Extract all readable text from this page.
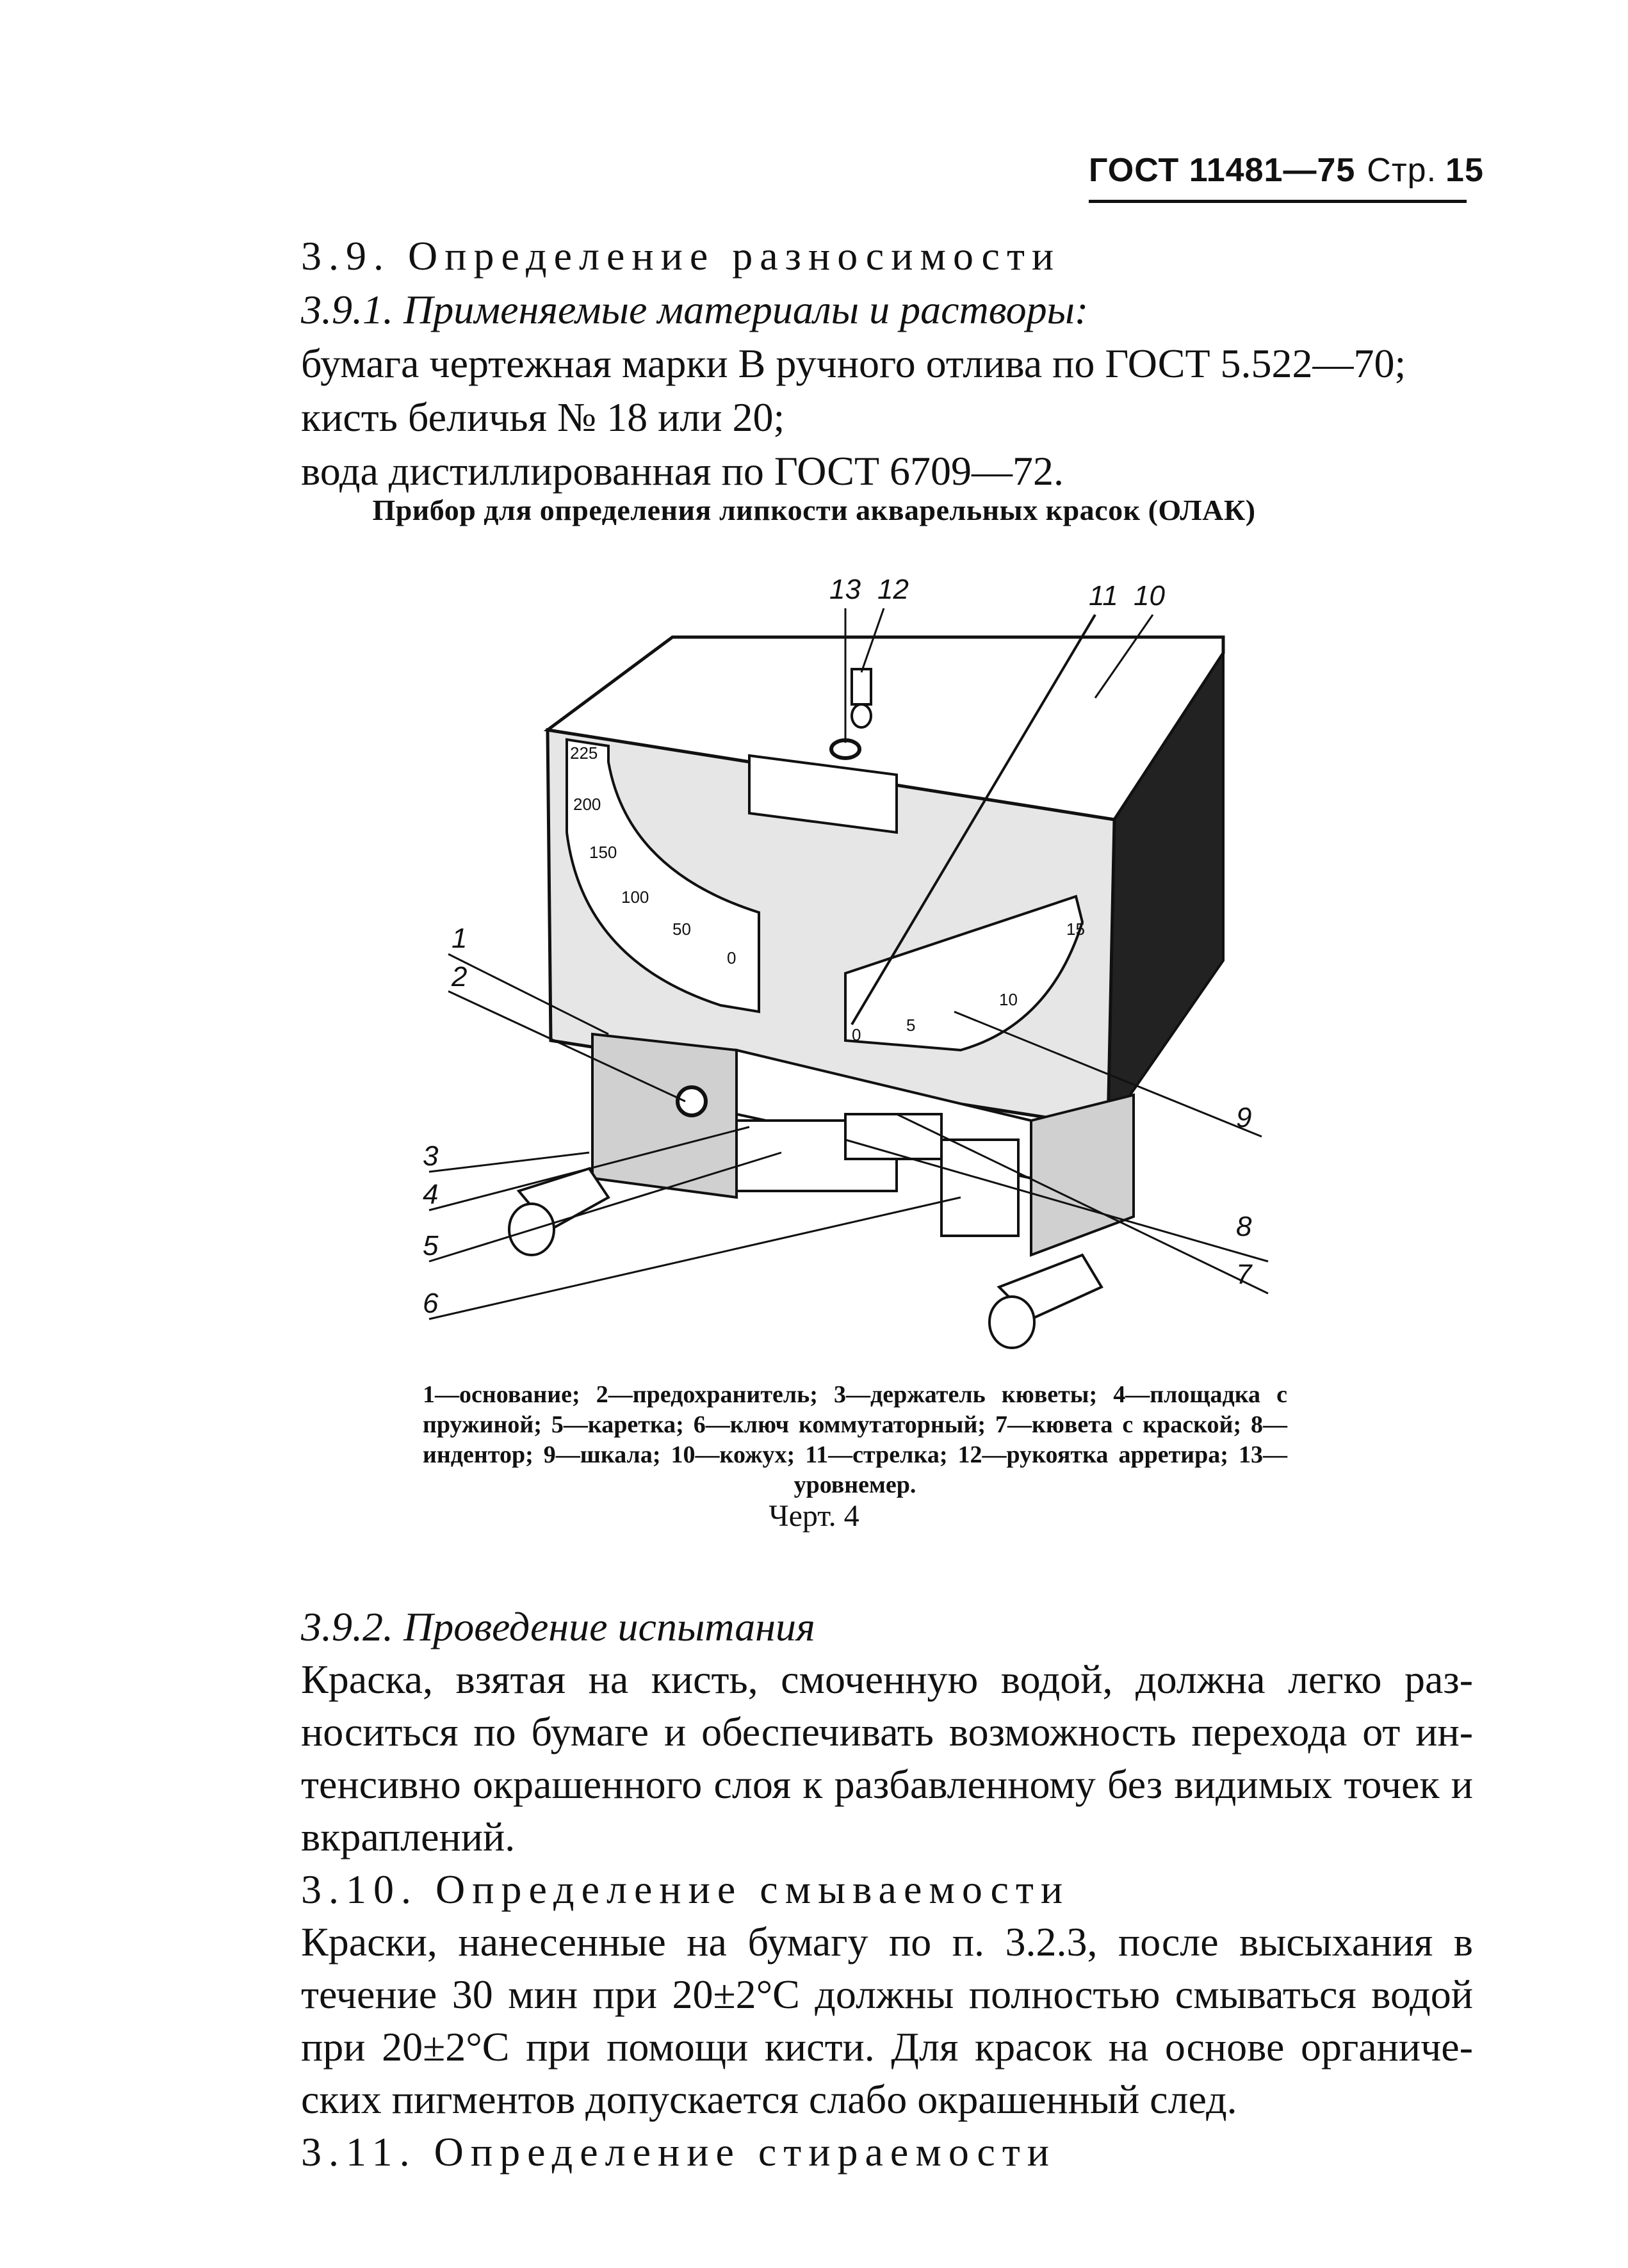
ГОСТ 11481—75 Стр. 15
3.9. Определение разносимости
3.9.1. Применяемые материалы и растворы:
бумага чертежная марки В ручного отлива по ГОСТ 5.522—70;
кисть беличья № 18 или 20;
вода дистиллированная по ГОСТ 6709—72.
Прибор для определения липкости акварельных красок (ОЛАК)
1
2
3
4
5
6
7
8
9
10
11
12
13
225
200
150
100
50
0
15
10
5
0
1—основание; 2—предохранитель; 3—держатель кюветы; 4—площадка с пружиной; 5—каретка; 6—ключ коммутаторный; 7—кювета с краской; 8—индентор; 9—шкала; 10—кожух; 11—стрелка; 12—рукоятка арретира; 13—уровнемер.
Черт. 4
3.9.2. Проведение испытания
Краска, взятая на кисть, смоченную водой, должна легко раз-
носиться по бумаге и обеспечивать возможность перехода от ин-
тенсивно окрашенного слоя к разбавленному без видимых точек и
вкраплений.
3.10. Определение смываемости
Краски, нанесенные на бумагу по п. 3.2.3, после высыхания в
течение 30 мин при 20±2°С должны полностью смываться водой
при 20±2°С при помощи кисти. Для красок на основе органиче-
ских пигментов допускается слабо окрашенный след.
3.11. Определение стираемости
